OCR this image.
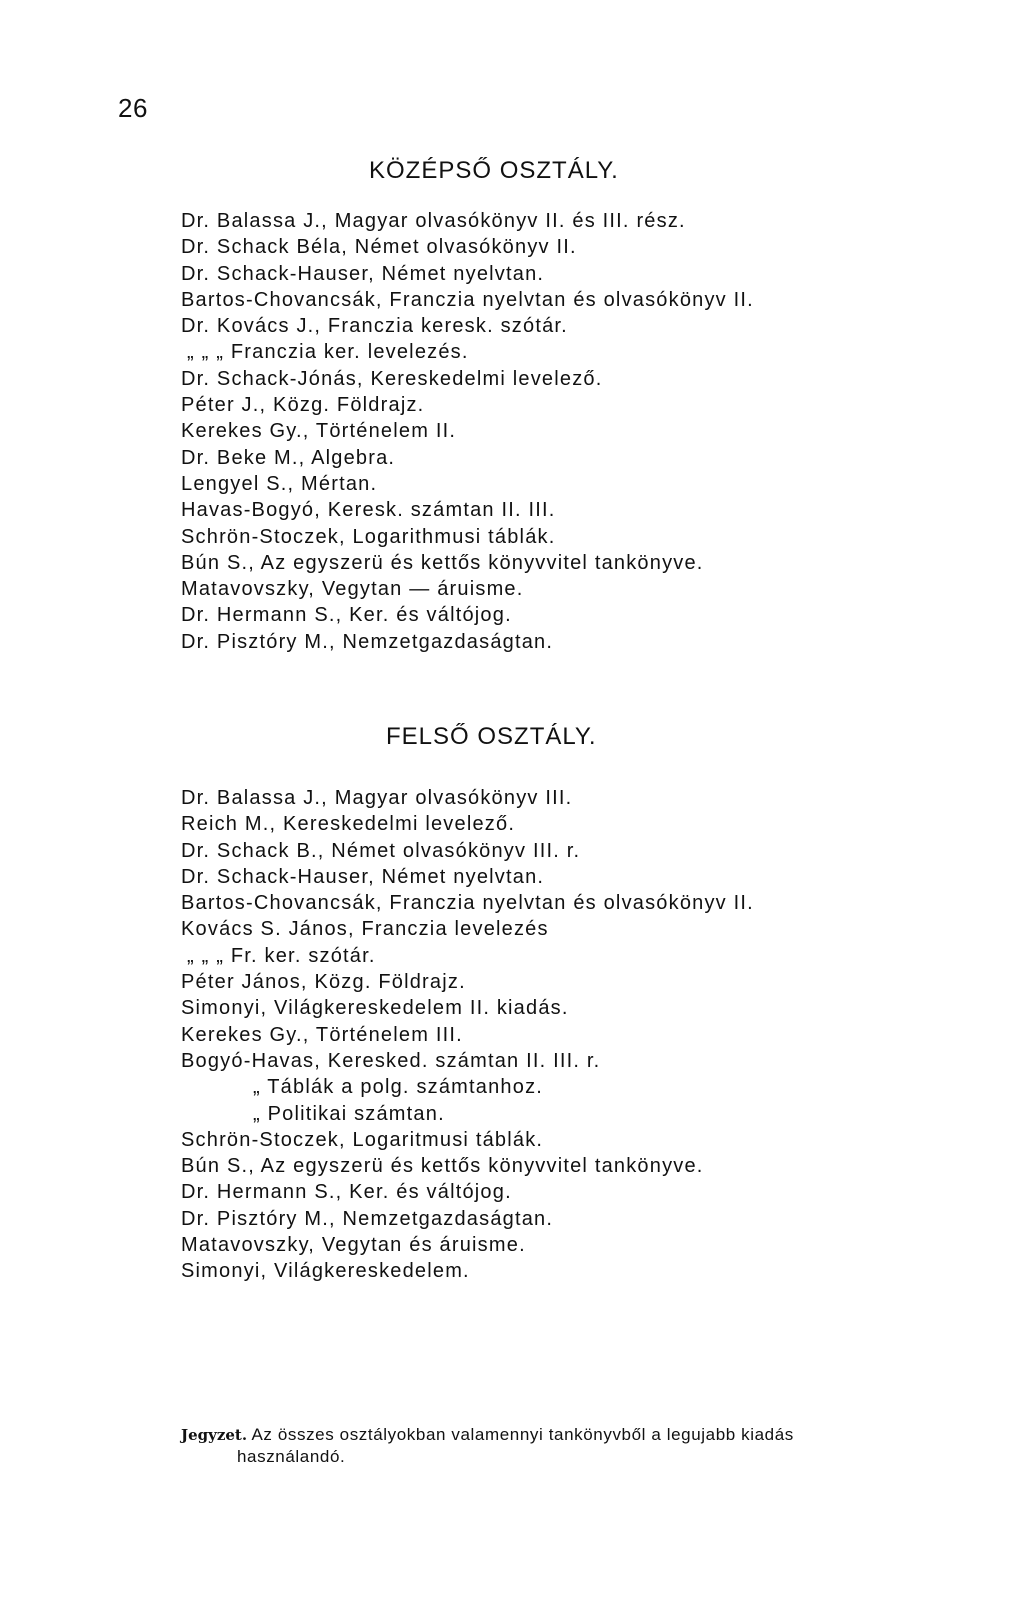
26
KÖZÉPSŐ OSZTÁLY.
Dr. Balassa J., Magyar olvasókönyv II. és III. rész.
Dr. Schack Béla, Német olvasókönyv II.
Dr. Schack-Hauser, Német nyelvtan.
Bartos-Chovancsák, Franczia nyelvtan és olvasókönyv II.
Dr. Kovács J., Franczia keresk. szótár.
„ „ „ Franczia ker. levelezés.
Dr. Schack-Jónás, Kereskedelmi levelező.
Péter J., Közg. Földrajz.
Kerekes Gy., Történelem II.
Dr. Beke M., Algebra.
Lengyel S., Mértan.
Havas-Bogyó, Keresk. számtan II. III.
Schrön-Stoczek, Logarithmusi táblák.
Bún S., Az egyszerü és kettős könyvvitel tankönyve.
Matavovszky, Vegytan — áruisme.
Dr. Hermann S., Ker. és váltójog.
Dr. Pisztóry M., Nemzetgazdaságtan.
FELSŐ OSZTÁLY.
Dr. Balassa J., Magyar olvasókönyv III.
Reich M., Kereskedelmi levelező.
Dr. Schack B., Német olvasókönyv III. r.
Dr. Schack-Hauser, Német nyelvtan.
Bartos-Chovancsák, Franczia nyelvtan és olvasókönyv II.
Kovács S. János, Franczia levelezés
„ „ „ Fr. ker. szótár.
Péter János, Közg. Földrajz.
Simonyi, Világkereskedelem II. kiadás.
Kerekes Gy., Történelem III.
Bogyó-Havas, Keresked. számtan II. III. r.
„ Táblák a polg. számtanhoz.
„ Politikai számtan.
Schrön-Stoczek, Logaritmusi táblák.
Bún S., Az egyszerü és kettős könyvvitel tankönyve.
Dr. Hermann S., Ker. és váltójog.
Dr. Pisztóry M., Nemzetgazdaságtan.
Matavovszky, Vegytan és áruisme.
Simonyi, Világkereskedelem.
Jegyzet. Az összes osztályokban valamennyi tankönyvből a legujabb kiadás
használandó.
